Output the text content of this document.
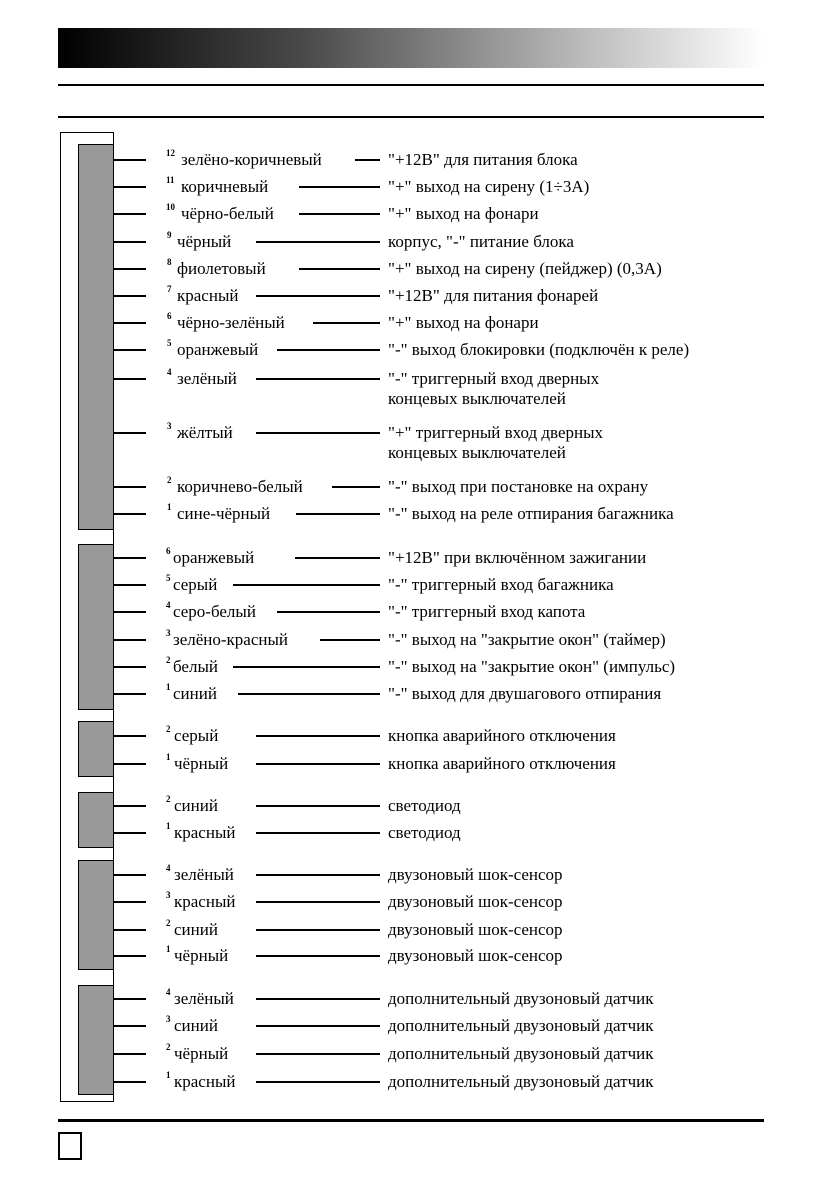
12 зелёно-коричневый	"+12В" для питания блока
11 коричневый	"+" выход на сирену (1÷3А)
10 чёрно-белый	"+" выход на фонари
9 чёрный	корпус, "-" питание блока
8 фиолетовый	"+" выход на сирену (пейджер) (0,3А)
7 красный	"+12В" для питания фонарей
6 чёрно-зелёный	"+" выход на фонари
5 оранжевый	"-" выход блокировки (подключён к реле)
4 зелёный	"-" триггерный вход дверных
концевых выключателей
3 жёлтый	"+" триггерный вход дверных
концевых выключателей
2 коричнево-белый	"-" выход при постановке на охрану
1 сине-чёрный	"-" выход на реле отпирания багажника
6 оранжевый	"+12В" при включённом зажигании
5 серый	"-" триггерный вход багажника
4 серо-белый	"-" триггерный вход капота
3 зелёно-красный	"-" выход на "закрытие окон" (таймер)
2 белый	"-" выход на "закрытие окон" (импульс)
1 синий	"-" выход для двушагового отпирания
2 серый	кнопка аварийного отключения
1 чёрный	кнопка аварийного отключения
2 синий	светодиод
1 красный	светодиод
4 зелёный	двузоновый шок-сенсор
3 красный	двузоновый шок-сенсор
2 синий	двузоновый шок-сенсор
1 чёрный	двузоновый шок-сенсор
4 зелёный	дополнительный двузоновый датчик
3 синий	дополнительный двузоновый датчик
2 чёрный	дополнительный двузоновый датчик
1 красный	дополнительный двузоновый датчик
